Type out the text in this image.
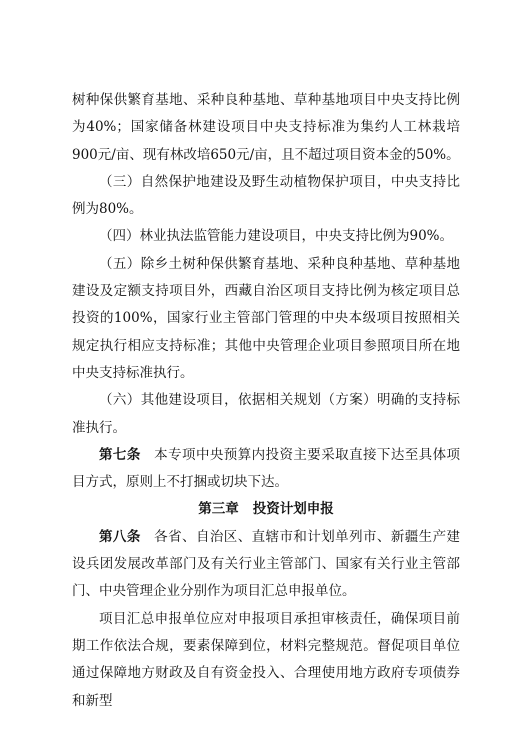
树种保供繁育基地、采种良种基地、草种基地项目中央支持比例为40%；国家储备林建设项目中央支持标准为集约人工林栽培900元/亩、现有林改培650元/亩，且不超过项目资本金的50%。

（三）自然保护地建设及野生动植物保护项目，中央支持比例为80%。

（四）林业执法监管能力建设项目，中央支持比例为90%。

（五）除乡土树种保供繁育基地、采种良种基地、草种基地建设及定额支持项目外，西藏自治区项目支持比例为核定项目总投资的100%，国家行业主管部门管理的中央本级项目按照相关规定执行相应支持标准；其他中央管理企业项目参照项目所在地中央支持标准执行。

（六）其他建设项目，依据相关规划（方案）明确的支持标准执行。

第七条 本专项中央预算内投资主要采取直接下达至具体项目方式，原则上不打捆或切块下达。

第三章 投资计划申报

第八条 各省、自治区、直辖市和计划单列市、新疆生产建设兵团发展改革部门及有关行业主管部门、国家有关行业主管部门、中央管理企业分别作为项目汇总申报单位。

项目汇总申报单位应对申报项目承担审核责任，确保项目前期工作依法合规，要素保障到位，材料完整规范。督促项目单位通过保障地方财政及自有资金投入、合理使用地方政府专项债券和新型
